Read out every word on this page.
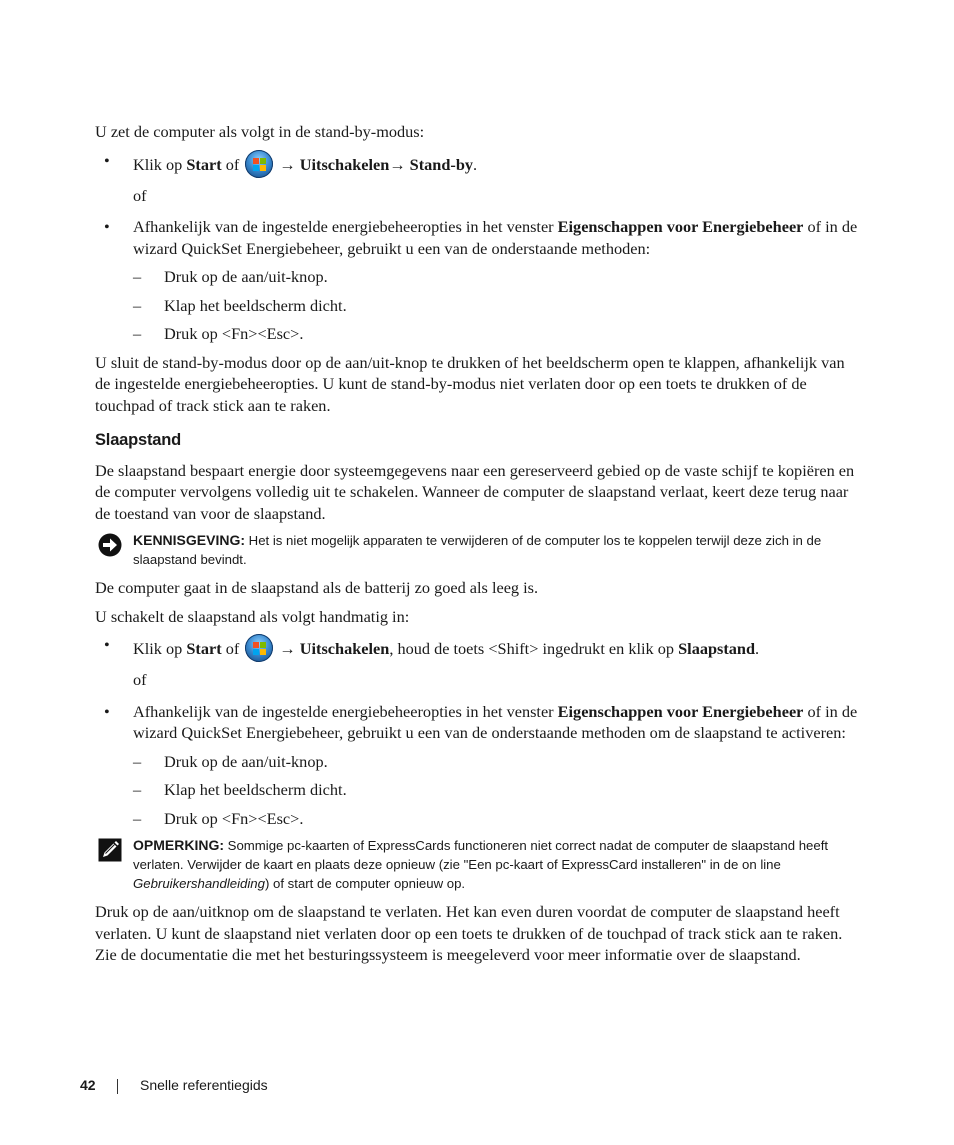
U zet de computer als volgt in de stand-by-modus:

• Klik op Start of
→ Uitschakelen→ Stand-by.

of

• Afhankelijk van de ingestelde energiebeheeropties in het venster Eigenschappen voor Energiebeheer of in de wizard QuickSet Energiebeheer, gebruikt u een van de onderstaande methoden:
– Druk op de aan/uit-knop.
– Klap het beeldscherm dicht.
– Druk op <Fn><Esc>.

U sluit de stand-by-modus door op de aan/uit-knop te drukken of het beeldscherm open te klappen, afhankelijk van de ingestelde energiebeheeropties. U kunt de stand-by-modus niet verlaten door op een toets te drukken of de touchpad of track stick aan te raken.

Slaapstand

De slaapstand bespaart energie door systeemgegevens naar een gereserveerd gebied op de vaste schijf te kopiëren en de computer vervolgens volledig uit te schakelen. Wanneer de computer de slaapstand verlaat, keert deze terug naar de toestand van voor de slaapstand.

KENNISGEVING: Het is niet mogelijk apparaten te verwijderen of de computer los te koppelen terwijl deze zich in de slaapstand bevindt.

De computer gaat in de slaapstand als de batterij zo goed als leeg is.

U schakelt de slaapstand als volgt handmatig in:

• Klik op Start of
→ Uitschakelen, houd de toets <Shift> ingedrukt en klik op Slaapstand.

of

• Afhankelijk van de ingestelde energiebeheeropties in het venster Eigenschappen voor Energiebeheer of in de wizard QuickSet Energiebeheer, gebruikt u een van de onderstaande methoden om de slaapstand te activeren:
– Druk op de aan/uit-knop.
– Klap het beeldscherm dicht.
– Druk op <Fn><Esc>.
OPMERKING: Sommige pc-kaarten of ExpressCards functioneren niet correct nadat de computer de slaapstand heeft verlaten. Verwijder de kaart en plaats deze opnieuw (zie "Een pc-kaart of ExpressCard installeren" in de on line Gebruikershandleiding) of start de computer opnieuw op.

Druk op de aan/uitknop om de slaapstand te verlaten. Het kan even duren voordat de computer de slaapstand heeft verlaten. U kunt de slaapstand niet verlaten door op een toets te drukken of de touchpad of track stick aan te raken. Zie de documentatie die met het besturingssysteem is meegeleverd voor meer informatie over de slaapstand.

42	Snelle referentiegids
